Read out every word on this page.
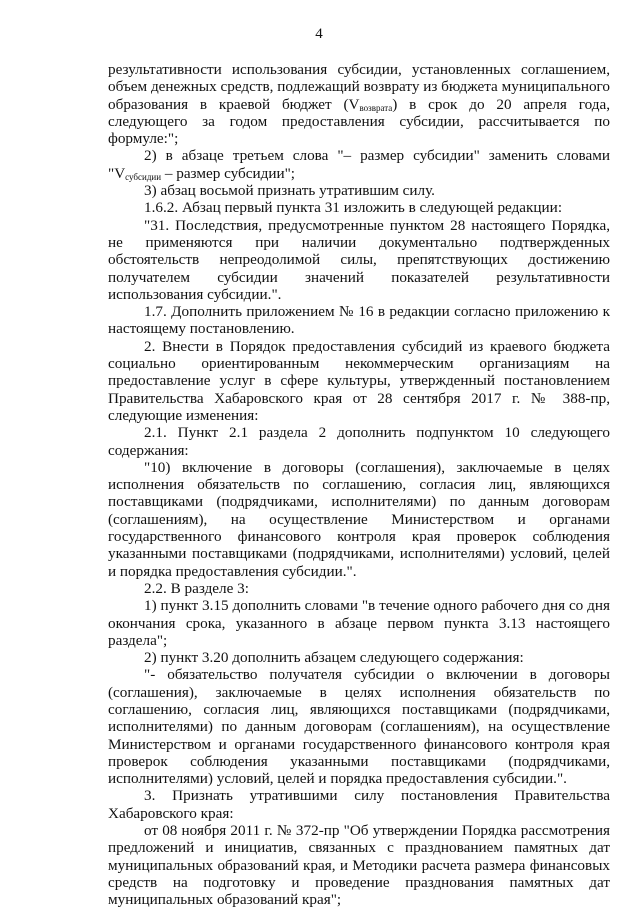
4

результативности использования субсидии, установленных соглашением, объем денежных средств, подлежащий возврату из бюджета муниципального образования в краевой бюджет $(V_{возврата})$ в срок до 20 апреля года, следующего за годом предоставления субсидии, рассчитывается по формуле:";

2) в абзаце третьем слова "– размер субсидии" заменить словами "$V_{субсидии}$ – размер субсидии";

3) абзац восьмой признать утратившим силу.

1.6.2. Абзац первый пункта 31 изложить в следующей редакции:

"31. Последствия, предусмотренные пунктом 28 настоящего Порядка, не применяются при наличии документально подтвержденных обстоятельств непреодолимой силы, препятствующих достижению получателем субсидии значений показателей результативности использования субсидии.".

1.7. Дополнить приложением № 16 в редакции согласно приложению к настоящему постановлению.

2. Внести в Порядок предоставления субсидий из краевого бюджета социально ориентированным некоммерческим организациям на предоставление услуг в сфере культуры, утвержденный постановлением Правительства Хабаровского края от 28 сентября 2017 г. № 388-пр, следующие изменения:

2.1. Пункт 2.1 раздела 2 дополнить подпунктом 10 следующего содержания:

"10) включение в договоры (соглашения), заключаемые в целях исполнения обязательств по соглашению, согласия лиц, являющихся поставщиками (подрядчиками, исполнителями) по данным договорам (соглашениям), на осуществление Министерством и органами государственного финансового контроля края проверок соблюдения указанными поставщиками (подрядчиками, исполнителями) условий, целей и порядка предоставления субсидии.".

2.2. В разделе 3:

1) пункт 3.15 дополнить словами "в течение одного рабочего дня со дня окончания срока, указанного в абзаце первом пункта 3.13 настоящего раздела";

2) пункт 3.20 дополнить абзацем следующего содержания:

"- обязательство получателя субсидии о включении в договоры (соглашения), заключаемые в целях исполнения обязательств по соглашению, согласия лиц, являющихся поставщиками (подрядчиками, исполнителями) по данным договорам (соглашениям), на осуществление Министерством и органами государственного финансового контроля края проверок соблюдения указанными поставщиками (подрядчиками, исполнителями) условий, целей и порядка предоставления субсидии.".

3. Признать утратившими силу постановления Правительства Хабаровского края:

от 08 ноября 2011 г. № 372-пр "Об утверждении Порядка рассмотрения предложений и инициатив, связанных с празднованием памятных дат муниципальных образований края, и Методики расчета размера финансовых средств на подготовку и проведение празднования памятных дат муниципальных образований края";
